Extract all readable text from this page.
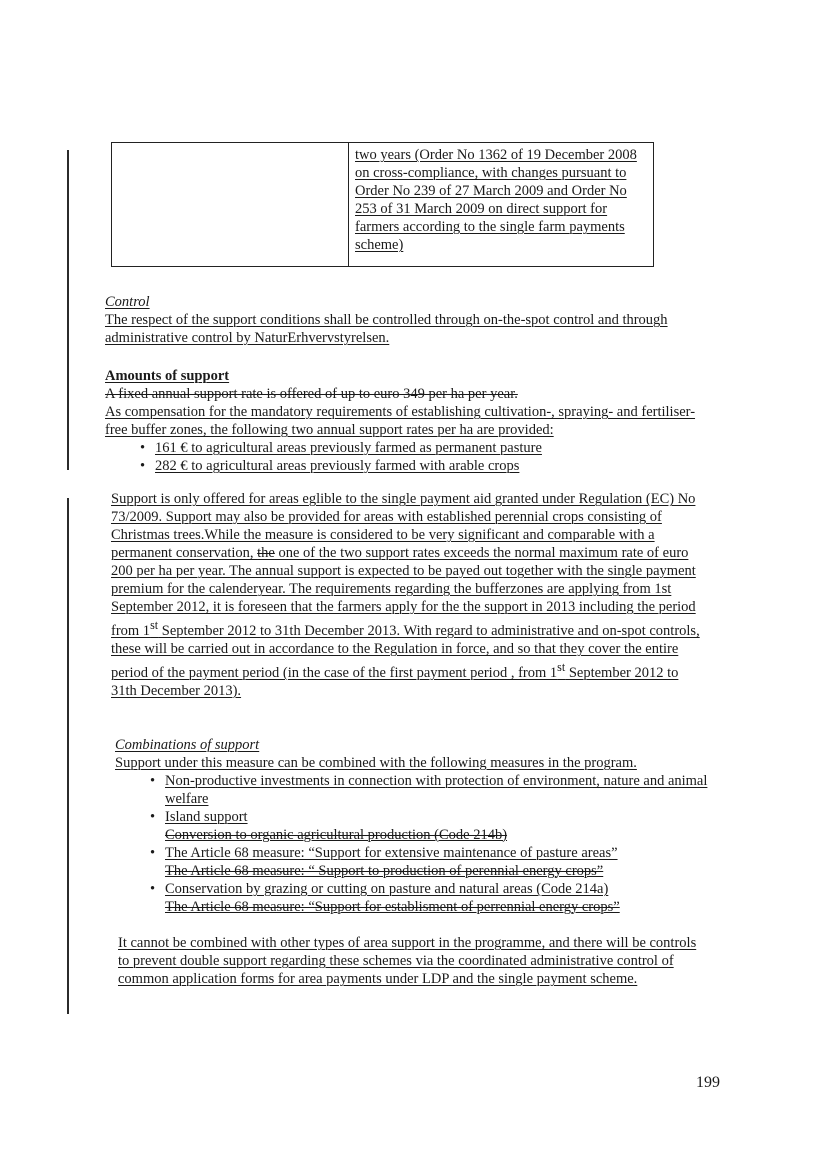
two years (Order No 1362 of 19 December 2008 on cross-compliance, with changes pursuant to Order No 239 of 27 March 2009 and Order No 253 of 31 March 2009 on direct support for farmers according to the single farm payments scheme)

Control

The respect of the support conditions shall be controlled through on-the-spot control and through administrative control by NaturErhvervstyrelsen.

Amounts of support

A fixed annual support rate is offered of up to euro 349 per ha per year.

As compensation for the mandatory requirements of establishing cultivation-, spraying- and fertiliser-free buffer zones, the following two annual support rates per ha are provided:

• 161 € to agricultural areas previously farmed as permanent pasture
• 282 € to agricultural areas previously farmed with arable crops

Support is only offered for areas eglible to the single payment aid granted under Regulation (EC) No 73/2009. Support may also be provided for areas with established perennial crops consisting of Christmas trees.While the measure is considered to be very significant and comparable with a permanent conservation, the one of the two support rates exceeds the normal maximum rate of euro 200 per ha per year. The annual support is expected to be payed out together with the single payment premium for the calenderyear. The requirements regarding the bufferzones are applying from 1st September 2012, it is foreseen that the farmers apply for the the support in 2013 including the period from 1st September 2012 to 31th December 2013. With regard to administrative and on-spot controls, these will be carried out in accordance to the Regulation in force, and so that they cover the entire period of the payment period (in the case of the first payment period , from 1st September 2012 to 31th December 2013).

Combinations of support

Support under this measure can be combined with the following measures in the program.

• Non-productive investments in connection with protection of environment, nature and animal welfare
• Island support
Conversion to organic agricultural production (Code 214b)
• The Article 68 measure: “Support for extensive maintenance of pasture areas”
The Article 68 measure: “ Support to production of perennial energy crops”
• Conservation by grazing or cutting on pasture and natural areas (Code 214a)
The Article 68 measure: “Support for establisment of perrennial energy crops”

It cannot be combined with other types of area support in the programme, and there will be controls to prevent double support regarding these schemes via the coordinated administrative control of common application forms for area payments under LDP and the single payment scheme.

199
